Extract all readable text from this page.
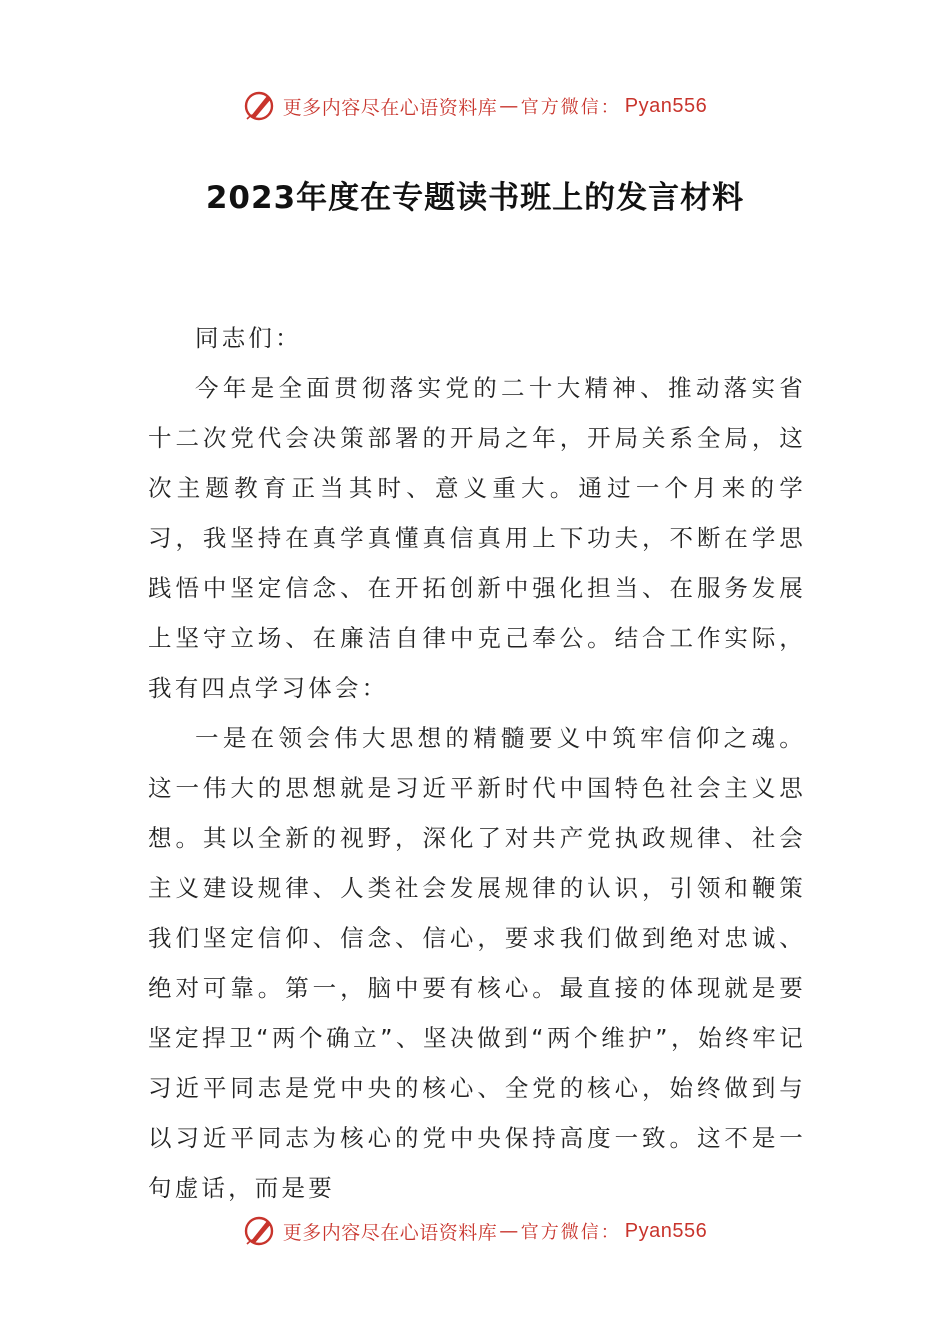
更多内容尽在心语资料库 — 官方微信： Pyan556
2023年度在专题读书班上的发言材料

同志们：

今年是全面贯彻落实党的二十大精神、推动落实省十二次党代会决策部署的开局之年，开局关系全局，这次主题教育正当其时、意义重大。通过一个月来的学习，我坚持在真学真懂真信真用上下功夫，不断在学思践悟中坚定信念、在开拓创新中强化担当、在服务发展上坚守立场、在廉洁自律中克己奉公。结合工作实际，我有四点学习体会：

一是在领会伟大思想的精髓要义中筑牢信仰之魂。这一伟大的思想就是习近平新时代中国特色社会主义思想。其以全新的视野，深化了对共产党执政规律、社会主义建设规律、人类社会发展规律的认识，引领和鞭策我们坚定信仰、信念、信心，要求我们做到绝对忠诚、绝对可靠。第一，脑中要有核心。最直接的体现就是要坚定捍卫“两个确立”、坚决做到“两个维护”，始终牢记习近平同志是党中央的核心、全党的核心，始终做到与以习近平同志为核心的党中央保持高度一致。这不是一句虚话，而是要

更多内容尽在心语资料库 — 官方微信： Pyan556
